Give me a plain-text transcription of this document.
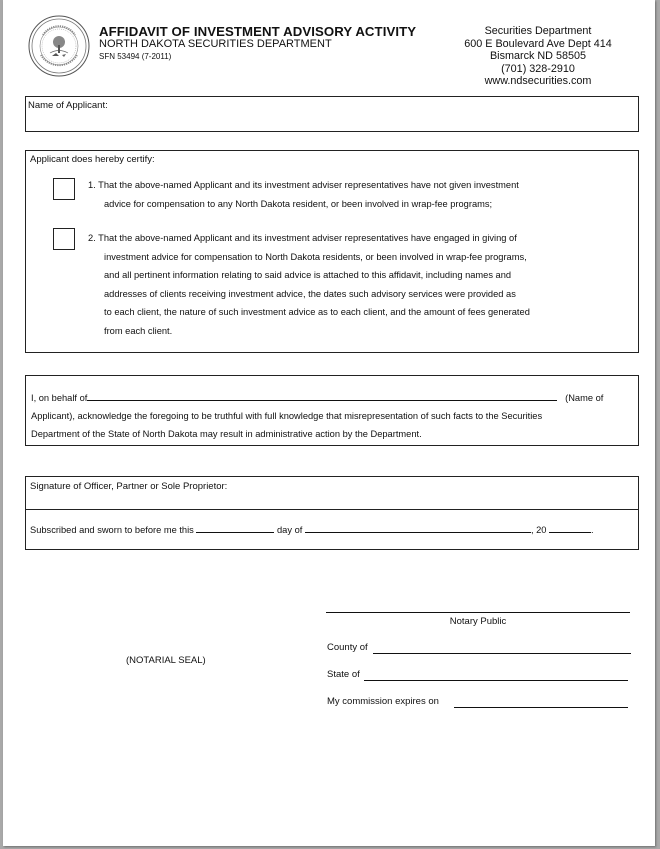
AFFIDAVIT OF INVESTMENT ADVISORY ACTIVITY
NORTH DAKOTA SECURITIES DEPARTMENT
SFN 53494 (7-2011)
Securities Department
600 E Boulevard Ave Dept 414
Bismarck ND 58505
(701) 328-2910
www.ndsecurities.com
Name of Applicant:
Applicant does hereby certify:
1. That the above-named Applicant and its investment adviser representatives have not given investment
advice for compensation to any North Dakota resident, or been involved in wrap-fee programs;
2. That the above-named Applicant and its investment adviser representatives have engaged in giving of
investment advice for compensation to North Dakota residents, or been involved in wrap-fee programs,
and all pertinent information relating to said advice is attached to this affidavit, including names and
addresses of clients receiving investment advice, the dates such advisory services were provided as
to each client, the nature of such investment advice as to each client, and the amount of fees generated
from each client.
I, on behalf of	(Name of
Applicant), acknowledge the foregoing to be truthful with full knowledge that misrepresentation of such facts to the Securities
Department of the State of North Dakota may result in administrative action by the Department.
Signature of Officer, Partner or Sole Proprietor:
Subscribed and sworn to before me this	day of	, 20	.
Notary Public
(NOTARIAL SEAL)
County of
State of
My commission expires on
